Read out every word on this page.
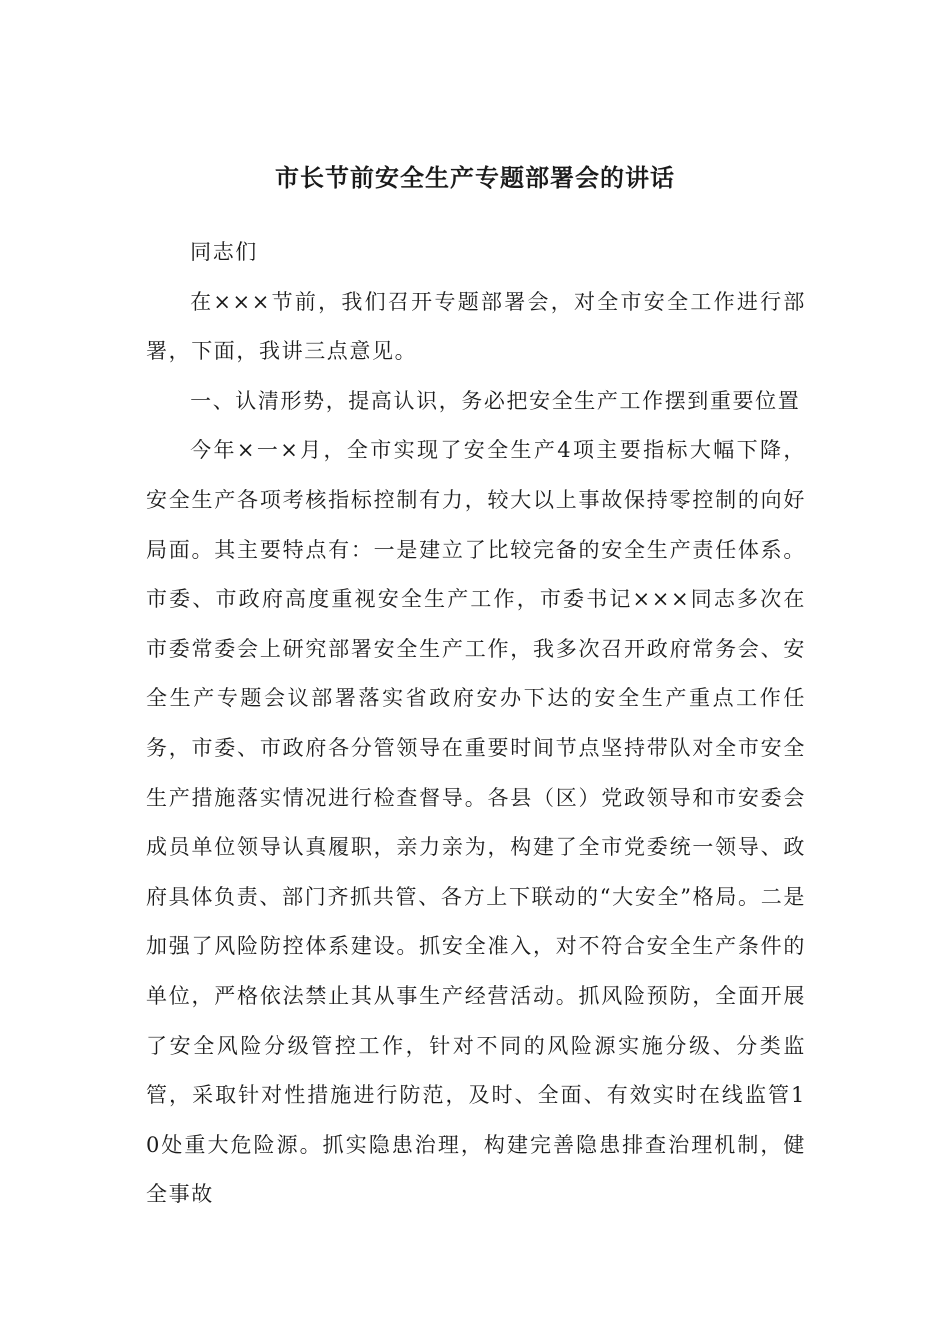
市长节前安全生产专题部署会的讲话

同志们

在×××节前，我们召开专题部署会，对全市安全工作进行部署，下面，我讲三点意见。

一、认清形势，提高认识，务必把安全生产工作摆到重要位置

今年×一×月，全市实现了安全生产4项主要指标大幅下降，安全生产各项考核指标控制有力，较大以上事故保持零控制的向好局面。其主要特点有：一是建立了比较完备的安全生产责任体系。市委、市政府高度重视安全生产工作，市委书记×××同志多次在市委常委会上研究部署安全生产工作，我多次召开政府常务会、安全生产专题会议部署落实省政府安办下达的安全生产重点工作任务，市委、市政府各分管领导在重要时间节点坚持带队对全市安全生产措施落实情况进行检查督导。各县（区）党政领导和市安委会成员单位领导认真履职，亲力亲为，构建了全市党委统一领导、政府具体负责、部门齐抓共管、各方上下联动的“大安全”格局。二是加强了风险防控体系建设。抓安全准入，对不符合安全生产条件的单位，严格依法禁止其从事生产经营活动。抓风险预防，全面开展了安全风险分级管控工作，针对不同的风险源实施分级、分类监管，采取针对性措施进行防范，及时、全面、有效实时在线监管10处重大危险源。抓实隐患治理，构建完善隐患排查治理机制，健全事故
